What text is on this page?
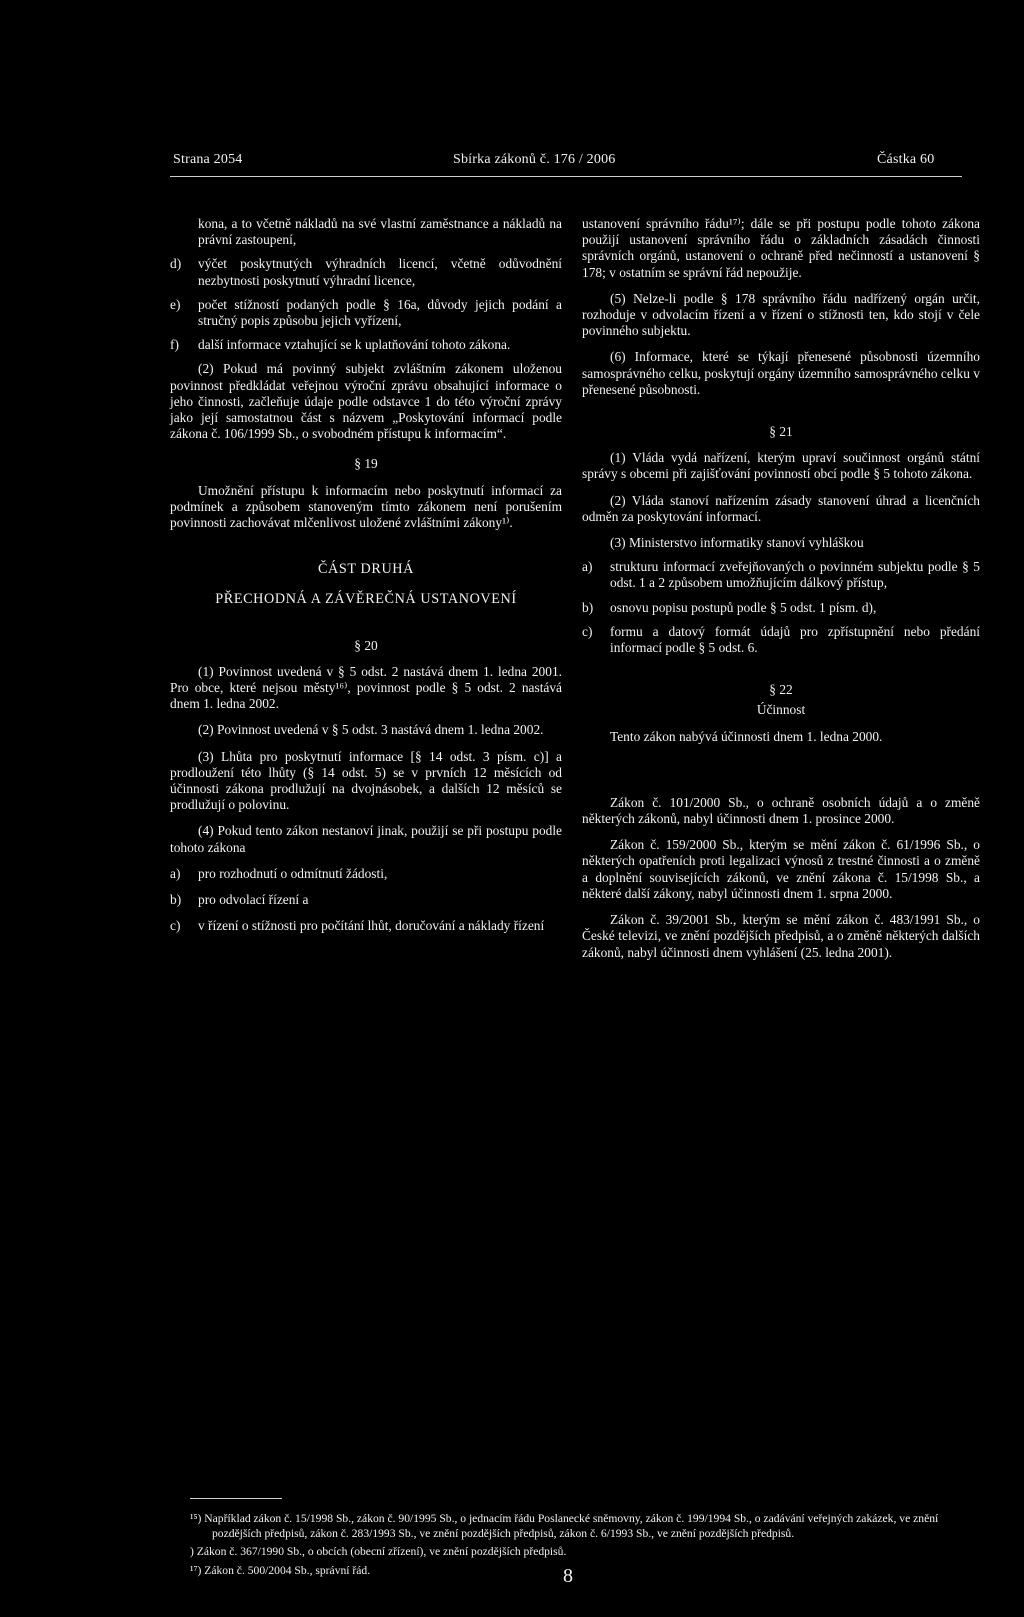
Strana 2054	Sbírka zákonů č. 176 / 2006	Částka 60

kona, a to včetně nákladů na své vlastní zaměstnance a nákladů na právní zastoupení,

d) výčet poskytnutých výhradních licencí, včetně odůvodnění nezbytnosti poskytnutí výhradní licence,

e) počet stížností podaných podle § 16a, důvody jejich podání a stručný popis způsobu jejich vyřízení,

f) další informace vztahující se k uplatňování tohoto zákona.

(2) Pokud má povinný subjekt zvláštním zákonem uloženou povinnost předkládat veřejnou výroční zprávu obsahující informace o jeho činnosti, začleňuje údaje podle odstavce 1 do této výroční zprávy jako její samostatnou část s názvem „Poskytování informací podle zákona č. 106/1999 Sb., o svobodném přístupu k informacím“.

§ 19

Umožnění přístupu k informacím nebo poskytnutí informací za podmínek a způsobem stanoveným tímto zákonem není porušením povinnosti zachovávat mlčenlivost uložené zvláštními zákony¹⁾.

ČÁST DRUHÁ

PŘECHODNÁ A ZÁVĚREČNÁ USTANOVENÍ

§ 20

(1) Povinnost uvedená v § 5 odst. 2 nastává dnem 1. ledna 2001. Pro obce, které nejsou městy¹⁶⁾, povinnost podle § 5 odst. 2 nastává dnem 1. ledna 2002.

(2) Povinnost uvedená v § 5 odst. 3 nastává dnem 1. ledna 2002.

(3) Lhůta pro poskytnutí informace [§ 14 odst. 3 písm. c)] a prodloužení této lhůty (§ 14 odst. 5) se v prvních 12 měsících od účinnosti zákona prodlužují na dvojnásobek, a dalších 12 měsíců se prodlužují o polovinu.

(4) Pokud tento zákon nestanoví jinak, použijí se při postupu podle tohoto zákona

a) pro rozhodnutí o odmítnutí žádosti,

b) pro odvolací řízení a

c) v řízení o stížnosti pro počítání lhůt, doručování a náklady řízení

ustanovení správního řádu¹⁷⁾; dále se při postupu podle tohoto zákona použijí ustanovení správního řádu o základních zásadách činnosti správních orgánů, ustanovení o ochraně před nečinností a ustanovení § 178; v ostatním se správní řád nepoužije.

(5) Nelze-li podle § 178 správního řádu nadřízený orgán určit, rozhoduje v odvolacím řízení a v řízení o stížnosti ten, kdo stojí v čele povinného subjektu.

(6) Informace, které se týkají přenesené působnosti územního samosprávného celku, poskytují orgány územního samosprávného celku v přenesené působnosti.

§ 21

(1) Vláda vydá nařízení, kterým upraví součinnost orgánů státní správy s obcemi při zajišťování povinností obcí podle § 5 tohoto zákona.

(2) Vláda stanoví nařízením zásady stanovení úhrad a licenčních odměn za poskytování informací.

(3) Ministerstvo informatiky stanoví vyhláškou

a) strukturu informací zveřejňovaných o povinném subjektu podle § 5 odst. 1 a 2 způsobem umožňujícím dálkový přístup,

b) osnovu popisu postupů podle § 5 odst. 1 písm. d),

c) formu a datový formát údajů pro zpřístupnění nebo předání informací podle § 5 odst. 6.

§ 22

Účinnost

Tento zákon nabývá účinnosti dnem 1. ledna 2000.

Zákon č. 101/2000 Sb., o ochraně osobních údajů a o změně některých zákonů, nabyl účinnosti dnem 1. prosince 2000.

Zákon č. 159/2000 Sb., kterým se mění zákon č. 61/1996 Sb., o některých opatřeních proti legalizaci výnosů z trestné činnosti a o změně a doplnění souvisejících zákonů, ve znění zákona č. 15/1998 Sb., a některé další zákony, nabyl účinnosti dnem 1. srpna 2000.

Zákon č. 39/2001 Sb., kterým se mění zákon č. 483/1991 Sb., o České televizi, ve znění pozdějších předpisů, a o změně některých dalších zákonů, nabyl účinnosti dnem vyhlášení (25. ledna 2001).

¹⁵) Například zákon č. 15/1998 Sb., zákon č. 90/1995 Sb., o jednacím řádu Poslanecké sněmovny, zákon č. 199/1994 Sb., o zadávání veřejných zakázek, ve znění pozdějších předpisů, zákon č. 283/1993 Sb., ve znění pozdějších předpisů, zákon č. 6/1993 Sb., ve znění pozdějších předpisů.

) Zákon č. 367/1990 Sb., o obcích (obecní zřízení), ve znění pozdějších předpisů.

¹⁷) Zákon č. 500/2004 Sb., správní řád.	8
